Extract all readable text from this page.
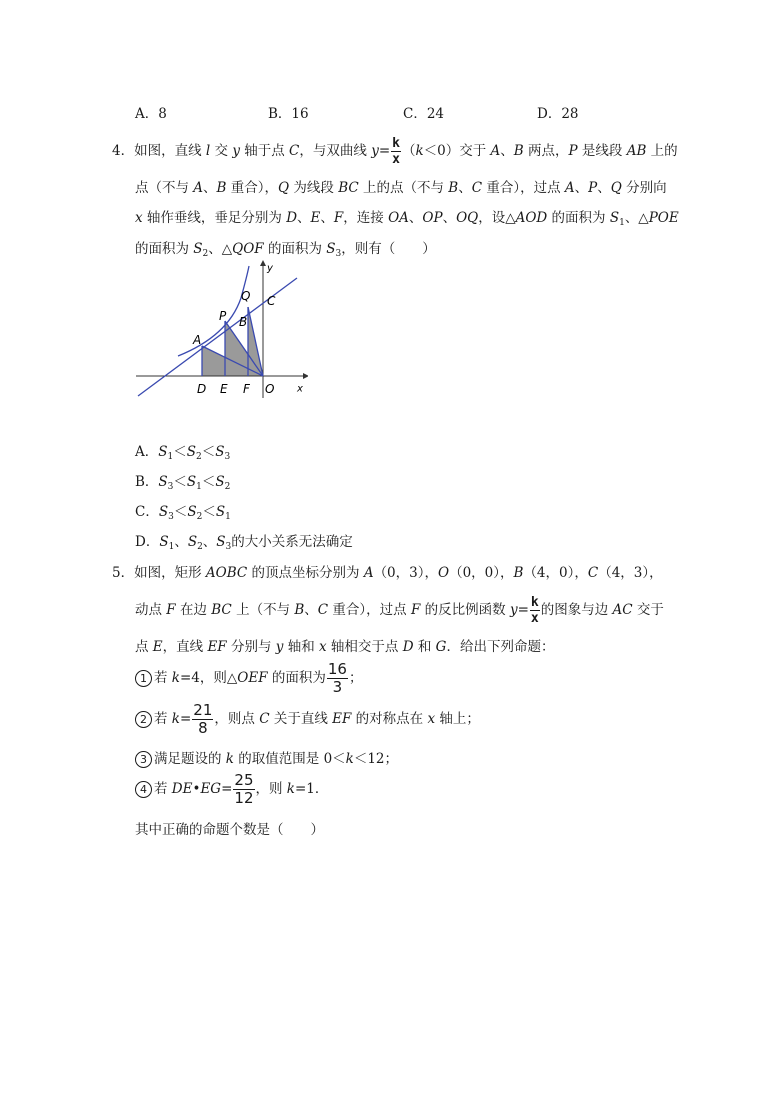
A．8	B．16	C．24	D．28
4．如图，直线 l 交 y 轴于点 C，与双曲线 $y= \frac{k}{x} (k<0)$交于 A、B 两点，P 是线段 AB 上的
点（不与 A、B 重合），Q 为线段 BC 上的点（不与 B、C 重合），过点 A、P、Q 分别向
x 轴作垂线，垂足分别为 D、E、F，连接 OA、OP、OQ，设△AOD 的面积为 $S_1$、△POE
的面积为 $S_2$、△QOF 的面积为 $S_3$，则有（　　）
A
P B
Q C
D E F O x
y
A．$S_1<S_2<S_3$
B．$S_3<S_1<S_2$
C．$S_3<S_2<S_1$
D．$S_1$、$S_2$、$S_3$的大小关系无法确定
5．如图，矩形 AOBC 的顶点坐标分别为 A（0，3），O（0，0），B（4，0），C（4，3），
动点 F 在边 BC 上（不与 B、C 重合），过点 F 的反比例函数 $y= \frac{k}{x}$ 的图象与边 AC 交于
点 E，直线 EF 分别与 y 轴和 x 轴相交于点 D 和 G．给出下列命题：
1 若 k=4，则△OEF 的面积为 $\frac{16}{3}$ ；
2 若 $k= \frac{21}{8}$ ，则点 C 关于直线 EF 的对称点在 x 轴上；
3 满足题设的 k 的取值范围是 0＜k＜12；
4 若 DE•EG= $\frac{25}{12}$ ，则 k=1．
其中正确的命题个数是（　　）
